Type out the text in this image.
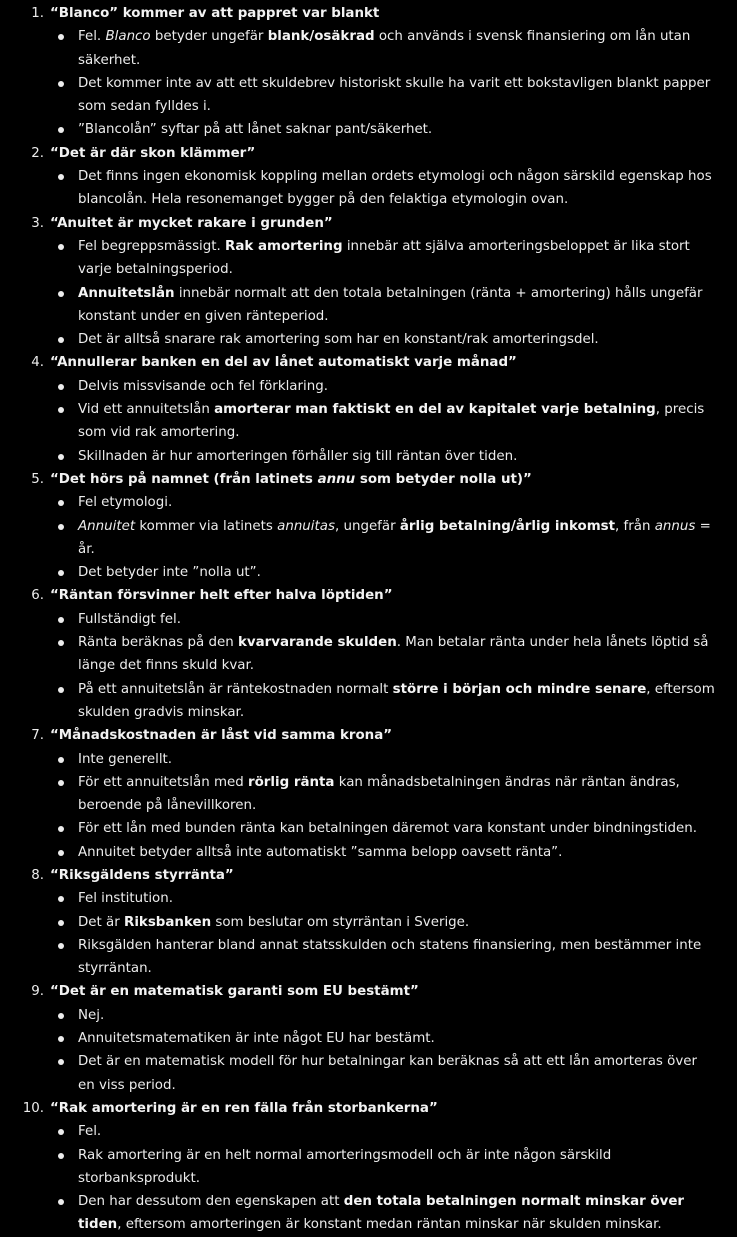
1. “Blanco” kommer av att pappret var blankt
Fel. Blanco betyder ungefär blank/osäkrad och används i svensk finansiering om lån utan säkerhet.
Det kommer inte av att ett skuldebrev historiskt skulle ha varit ett bokstavligen blankt papper som sedan fylldes i.
”Blancolån” syftar på att lånet saknar pant/säkerhet.
2. “Det är där skon klämmer”
Det finns ingen ekonomisk koppling mellan ordets etymologi och någon särskild egenskap hos blancolån. Hela resonemanget bygger på den felaktiga etymologin ovan.
3. “Anuitet är mycket rakare i grunden”
Fel begreppsmässigt. Rak amortering innebär att själva amorteringsbeloppet är lika stort varje betalningsperiod.
Annuitetslån innebär normalt att den totala betalningen (ränta + amortering) hålls ungefär konstant under en given ränteperiod.
Det är alltså snarare rak amortering som har en konstant/rak amorteringsdel.
4. “Annullerar banken en del av lånet automatiskt varje månad”
Delvis missvisande och fel förklaring.
Vid ett annuitetslån amorterar man faktiskt en del av kapitalet varje betalning, precis som vid rak amortering.
Skillnaden är hur amorteringen förhåller sig till räntan över tiden.
5. “Det hörs på namnet (från latinets annu som betyder nolla ut)”
Fel etymologi.
Annuitet kommer via latinets annuitas, ungefär årlig betalning/årlig inkomst, från annus = år.
Det betyder inte ”nolla ut”.
6. “Räntan försvinner helt efter halva löptiden”
Fullständigt fel.
Ränta beräknas på den kvarvarande skulden. Man betalar ränta under hela lånets löptid så länge det finns skuld kvar.
På ett annuitetslån är räntekostnaden normalt större i början och mindre senare, eftersom skulden gradvis minskar.
7. “Månadskostnaden är låst vid samma krona”
Inte generellt.
För ett annuitetslån med rörlig ränta kan månadsbetalningen ändras när räntan ändras, beroende på lånevillkoren.
För ett lån med bunden ränta kan betalningen däremot vara konstant under bindningstiden.
Annuitet betyder alltså inte automatiskt ”samma belopp oavsett ränta”.
8. “Riksgäldens styrränta”
Fel institution.
Det är Riksbanken som beslutar om styrräntan i Sverige.
Riksgälden hanterar bland annat statsskulden och statens finansiering, men bestämmer inte styrräntan.
9. “Det är en matematisk garanti som EU bestämt”
Nej.
Annuitetsmatematiken är inte något EU har bestämt.
Det är en matematisk modell för hur betalningar kan beräknas så att ett lån amorteras över en viss period.
10. “Rak amortering är en ren fälla från storbankerna”
Fel.
Rak amortering är en helt normal amorteringsmodell och är inte någon särskild storbanksprodukt.
Den har dessutom den egenskapen att den totala betalningen normalt minskar över tiden, eftersom amorteringen är konstant medan räntan minskar när skulden minskar.
